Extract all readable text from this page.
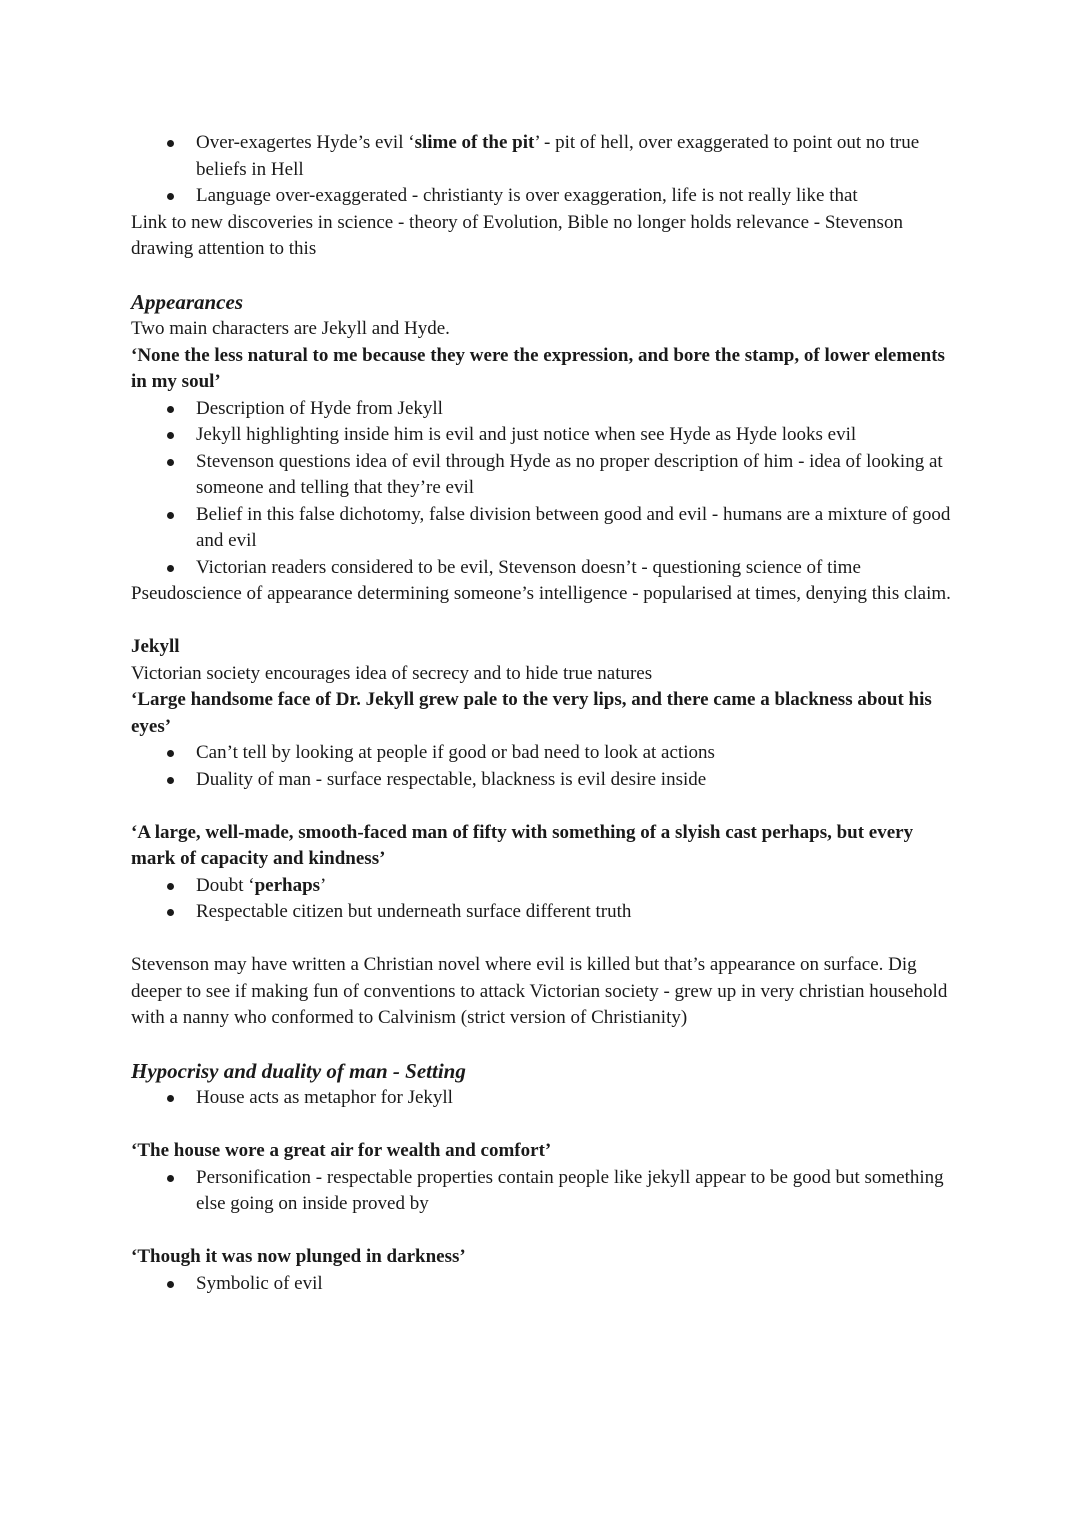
Over-exagertes Hyde’s evil ‘slime of the pit’ - pit of hell, over exaggerated to point out no true beliefs in Hell
Language over-exaggerated - christianty is over exaggeration, life is not really like that

Link to new discoveries in science - theory of Evolution, Bible no longer holds relevance - Stevenson drawing attention to this

Appearances

Two main characters are Jekyll and Hyde.

‘None the less natural to me because they were the expression, and bore the stamp, of lower elements in my soul’

Description of Hyde from Jekyll
Jekyll highlighting inside him is evil and just notice when see Hyde as Hyde looks evil
Stevenson questions idea of evil through Hyde as no proper description of him - idea of looking at someone and telling that they’re evil
Belief in this false dichotomy, false division between good and evil - humans are a mixture of good and evil
Victorian readers considered to be evil, Stevenson doesn’t - questioning science of time

Pseudoscience of appearance determining someone’s intelligence - popularised at times, denying this claim.

Jekyll

Victorian society encourages idea of secrecy and to hide true natures

‘Large handsome face of Dr. Jekyll grew pale to the very lips, and there came a blackness about his eyes’

Can’t tell by looking at people if good or bad need to look at actions
Duality of man - surface respectable, blackness is evil desire inside

‘A large, well-made, smooth-faced man of fifty with something of a slyish cast perhaps, but every mark of capacity and kindness’

Doubt ‘perhaps’
Respectable citizen but underneath surface different truth

Stevenson may have written a Christian novel where evil is killed but that’s appearance on surface. Dig deeper to see if making fun of conventions to attack Victorian society - grew up in very christian household with a nanny who conformed to Calvinism (strict version of Christianity)

Hypocrisy and duality of man - Setting

House acts as metaphor for Jekyll

‘The house wore a great air for wealth and comfort’

Personification - respectable properties contain people like jekyll appear to be good but something else going on inside proved by

‘Though it was now plunged in darkness’

Symbolic of evil
